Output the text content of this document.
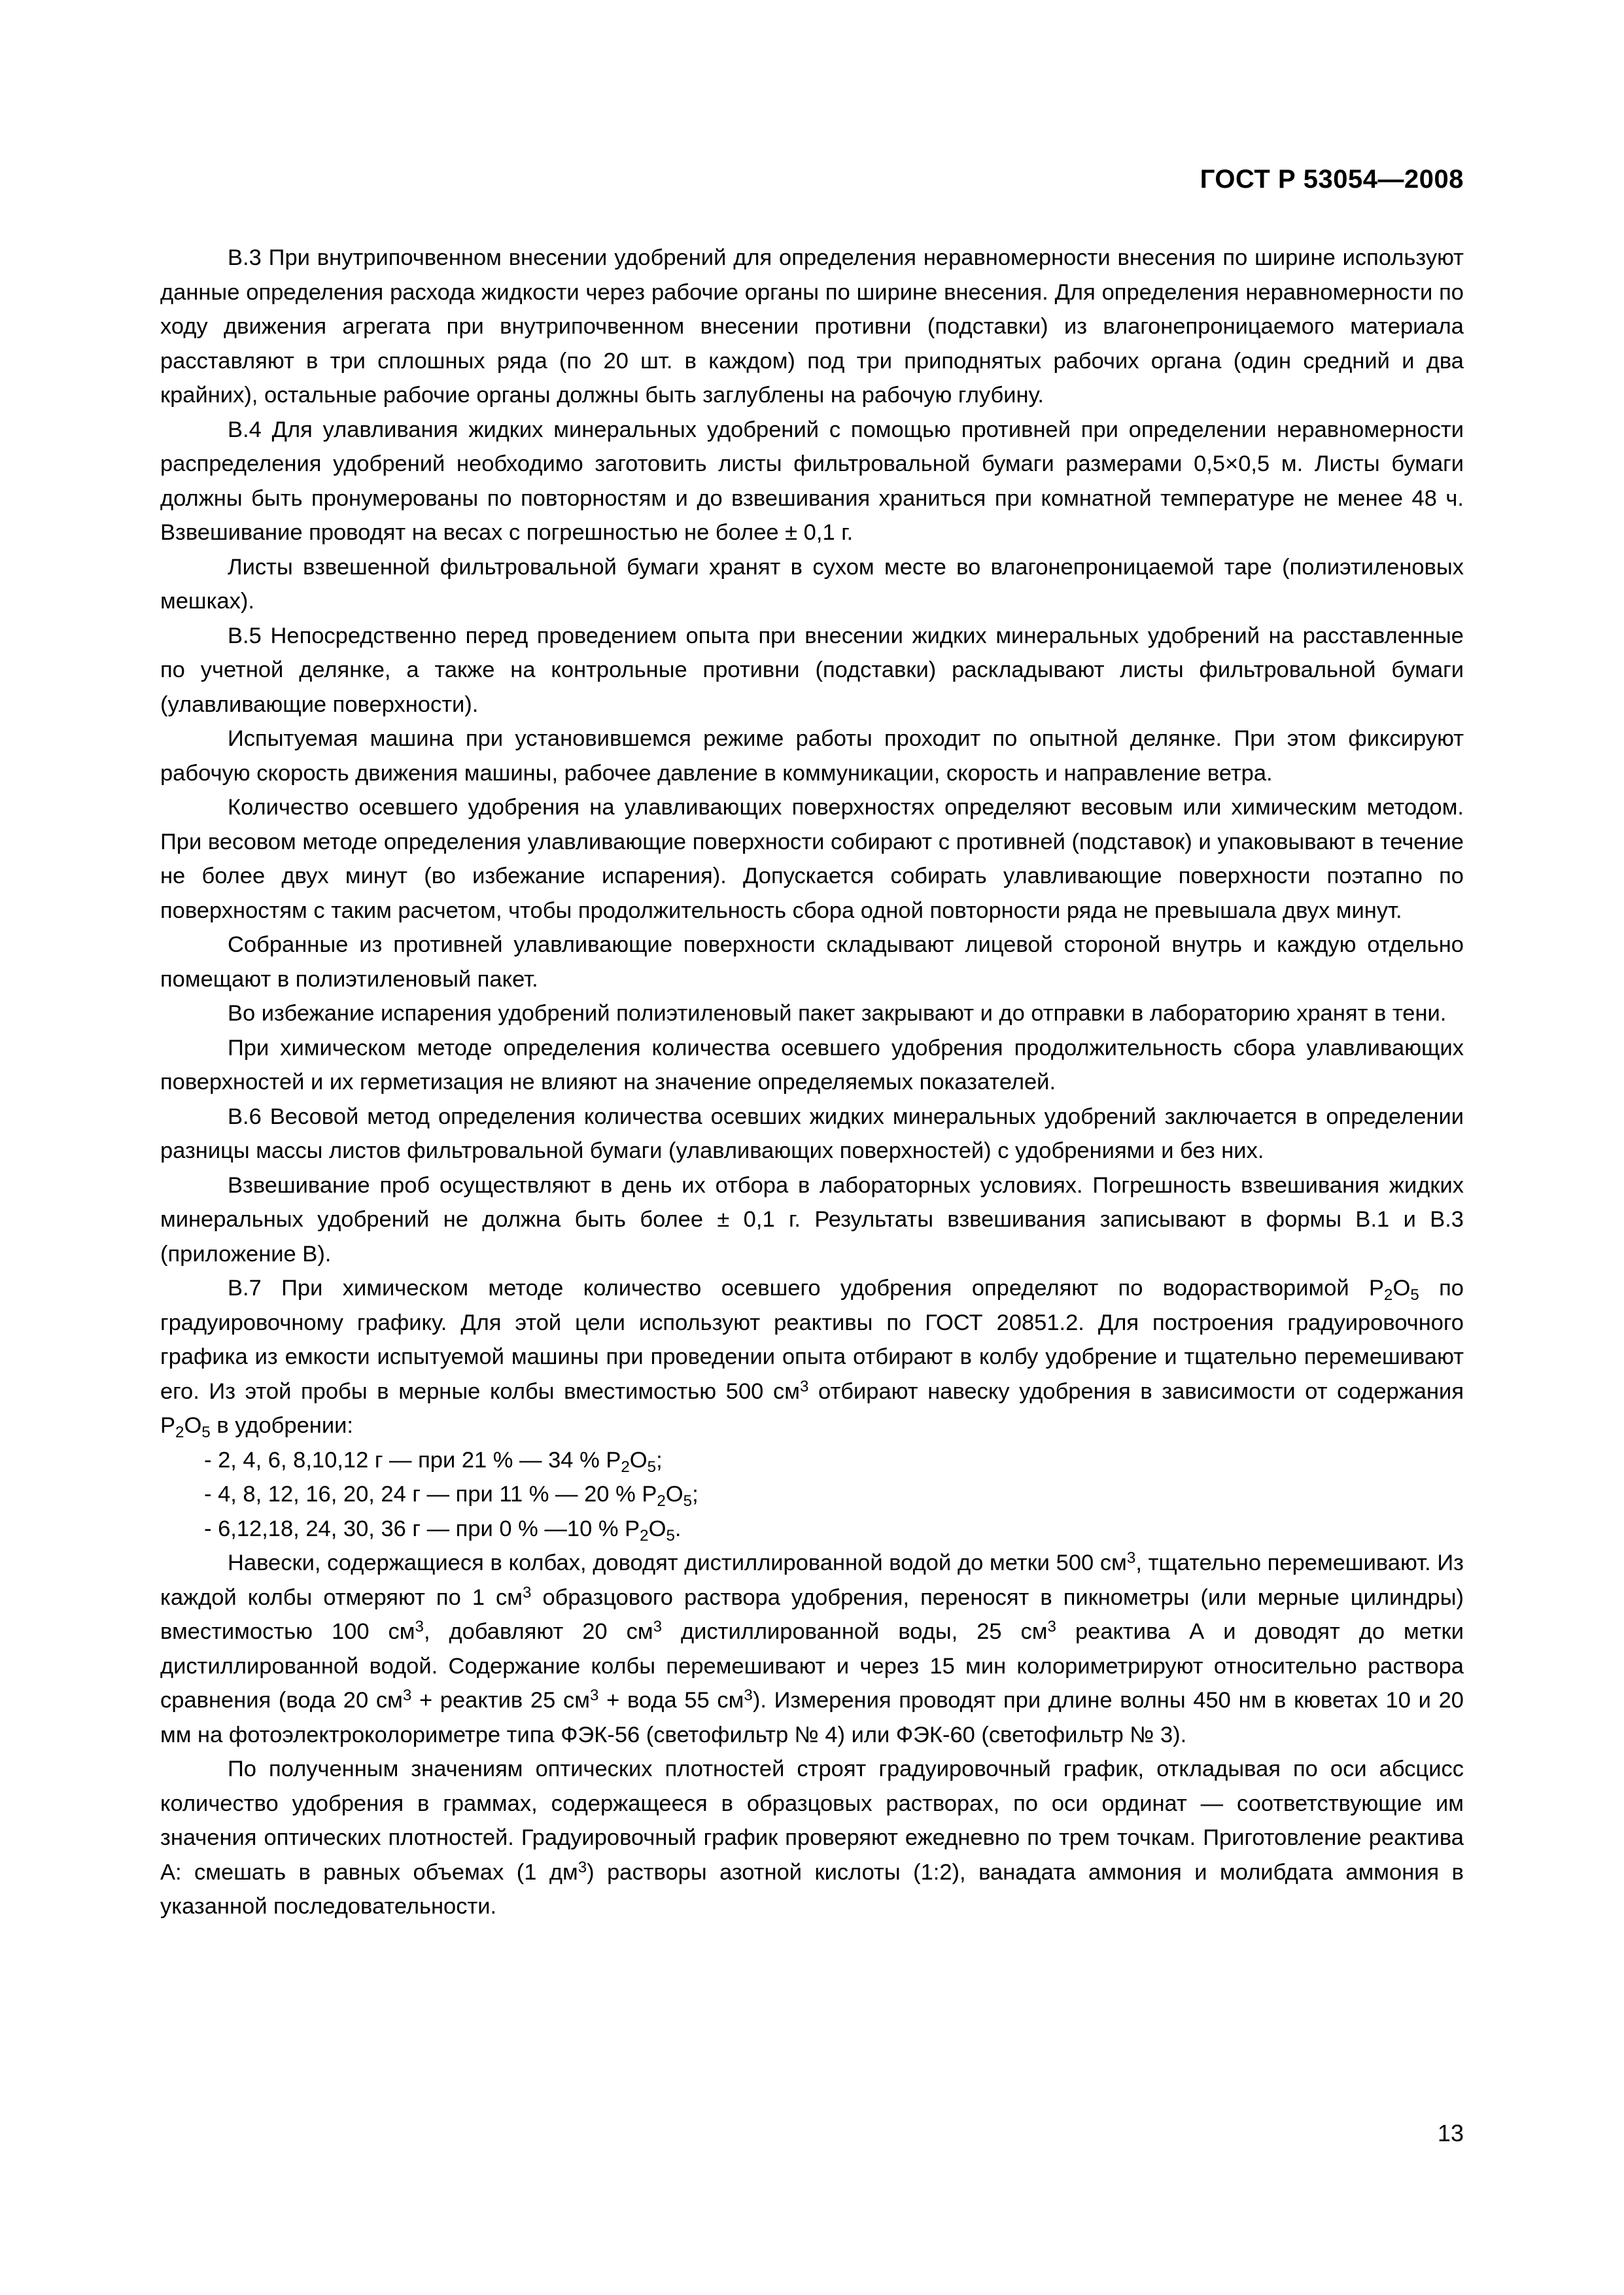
ГОСТ Р 53054—2008

В.3 При внутрипочвенном внесении удобрений для определения неравномерности внесения по ширине используют данные определения расхода жидкости через рабочие органы по ширине внесения. Для определения неравномерности по ходу движения агрегата при внутрипочвенном внесении противни (подставки) из влагонепроницаемого материала расставляют в три сплошных ряда (по 20 шт. в каждом) под три приподнятых рабочих органа (один средний и два крайних), остальные рабочие органы должны быть заглублены на рабочую глубину.

В.4 Для улавливания жидких минеральных удобрений с помощью противней при определении неравномерности распределения удобрений необходимо заготовить листы фильтровальной бумаги размерами 0,5×0,5 м. Листы бумаги должны быть пронумерованы по повторностям и до взвешивания храниться при комнатной температуре не менее 48 ч. Взвешивание проводят на весах с погрешностью не более ± 0,1 г.

Листы взвешенной фильтровальной бумаги хранят в сухом месте во влагонепроницаемой таре (полиэтиленовых мешках).

В.5 Непосредственно перед проведением опыта при внесении жидких минеральных удобрений на расставленные по учетной делянке, а также на контрольные противни (подставки) раскладывают листы фильтровальной бумаги (улавливающие поверхности).

Испытуемая машина при установившемся режиме работы проходит по опытной делянке. При этом фиксируют рабочую скорость движения машины, рабочее давление в коммуникации, скорость и направление ветра.

Количество осевшего удобрения на улавливающих поверхностях определяют весовым или химическим методом. При весовом методе определения улавливающие поверхности собирают с противней (подставок) и упаковывают в течение не более двух минут (во избежание испарения). Допускается собирать улавливающие поверхности поэтапно по поверхностям с таким расчетом, чтобы продолжительность сбора одной повторности ряда не превышала двух минут.

Собранные из противней улавливающие поверхности складывают лицевой стороной внутрь и каждую отдельно помещают в полиэтиленовый пакет.

Во избежание испарения удобрений полиэтиленовый пакет закрывают и до отправки в лабораторию хранят в тени.

При химическом методе определения количества осевшего удобрения продолжительность сбора улавливающих поверхностей и их герметизация не влияют на значение определяемых показателей.

В.6 Весовой метод определения количества осевших жидких минеральных удобрений заключается в определении разницы массы листов фильтровальной бумаги (улавливающих поверхностей) с удобрениями и без них.

Взвешивание проб осуществляют в день их отбора в лабораторных условиях. Погрешность взвешивания жидких минеральных удобрений не должна быть более ± 0,1 г. Результаты взвешивания записывают в формы В.1 и В.3 (приложение В).

В.7 При химическом методе количество осевшего удобрения определяют по водорастворимой $Р_2О_5$ по градуировочному графику. Для этой цели используют реактивы по ГОСТ 20851.2. Для построения градуировочного графика из емкости испытуемой машины при проведении опыта отбирают в колбу удобрение и тщательно перемешивают его. Из этой пробы в мерные колбы вместимостью 500 $см^3$ отбирают навеску удобрения в зависимости от содержания $Р_2О_5$ в удобрении:

- 2, 4, 6, 8,10,12 г — при 21 % — 34 % $Р_2О_5$;

- 4, 8, 12, 16, 20, 24 г — при 11 % — 20 % $Р_2О_5$;

- 6,12,18, 24, 30, 36 г — при 0 % —10 % $Р_2О_5$.

Навески, содержащиеся в колбах, доводят дистиллированной водой до метки 500 $см^3$, тщательно перемешивают. Из каждой колбы отмеряют по 1 $см^3$ образцового раствора удобрения, переносят в пикнометры (или мерные цилиндры) вместимостью 100 $см^3$, добавляют 20 $см^3$ дистиллированной воды, 25 $см^3$ реактива А и доводят до метки дистиллированной водой. Содержание колбы перемешивают и через 15 мин колориметрируют относительно раствора сравнения (вода 20 $см^3$ + реактив 25 $см^3$ + вода 55 $см^3$). Измерения проводят при длине волны 450 нм в кюветах 10 и 20 мм на фотоэлектроколориметре типа ФЭК-56 (светофильтр № 4) или ФЭК-60 (светофильтр № 3).

По полученным значениям оптических плотностей строят градуировочный график, откладывая по оси абсцисс количество удобрения в граммах, содержащееся в образцовых растворах, по оси ординат — соответствующие им значения оптических плотностей. Градуировочный график проверяют ежедневно по трем точкам. Приготовление реактива А: смешать в равных объемах (1 $дм^3$) растворы азотной кислоты (1:2), ванадата аммония и молибдата аммония в указанной последовательности.

13
